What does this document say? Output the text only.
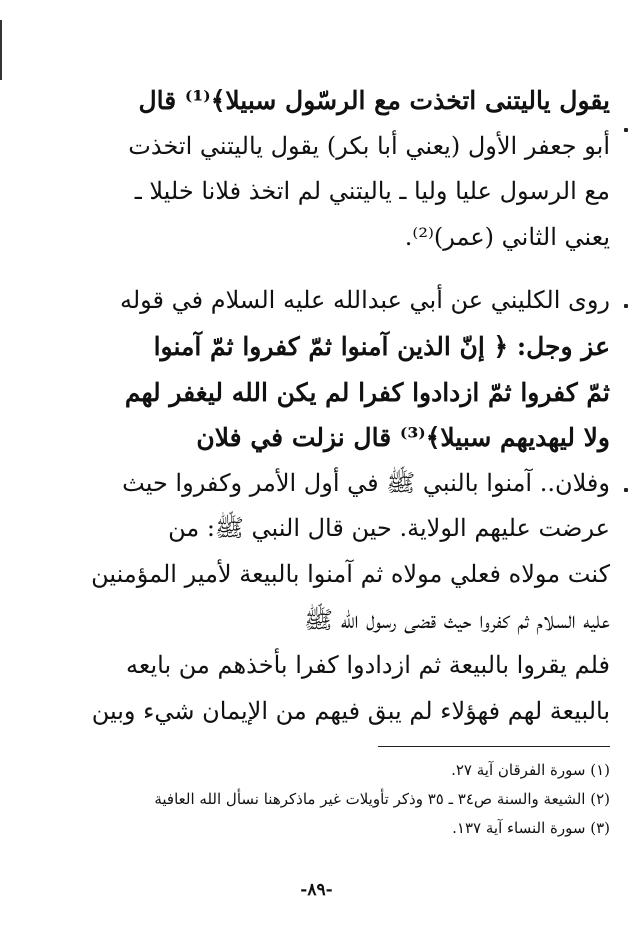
يقول ياليتنى اتخذت مع الرسّول سبيلا﴾⁽¹⁾ قال
أبو جعفر الأول (يعني أبا بكر) يقول ياليتني اتخذت
مع الرسول عليا وليا ـ ياليتني لم اتخذ فلانا خليلا ـ
يعني الثاني (عمر)⁽²⁾.
روى الكليني عن أبي عبدالله عليه السلام في قوله
عز وجل: ﴿ إنّ الذين آمنوا ثمّ كفروا ثمّ آمنوا
ثمّ كفروا ثمّ ازدادوا كفرا لم يكن الله ليغفر لهم
ولا ليهديهم سبيلا﴾⁽³⁾ قال نزلت في فلان
وفلان.. آمنوا بالنبي ﷺ في أول الأمر وكفروا حيث
عرضت عليهم الولاية. حين قال النبي ﷺ: من
كنت مولاه فعلي مولاه ثم آمنوا بالبيعة لأمير المؤمنين
عليه السلام ثم كفروا حيث قضى رسول الله ﷺ
فلم يقروا بالبيعة ثم ازدادوا كفرا بأخذهم من بايعه
بالبيعة لهم فهؤلاء لم يبق فيهم من الإيمان شيء وبين
(١) سورة الفرقان آية ٢٧.
(٢) الشيعة والسنة ص٣٤ ـ ٣٥ وذكر تأويلات غير ماذكرهنا نسأل الله العافية
(٣) سورة النساء آية ١٣٧.
-٨٩-
